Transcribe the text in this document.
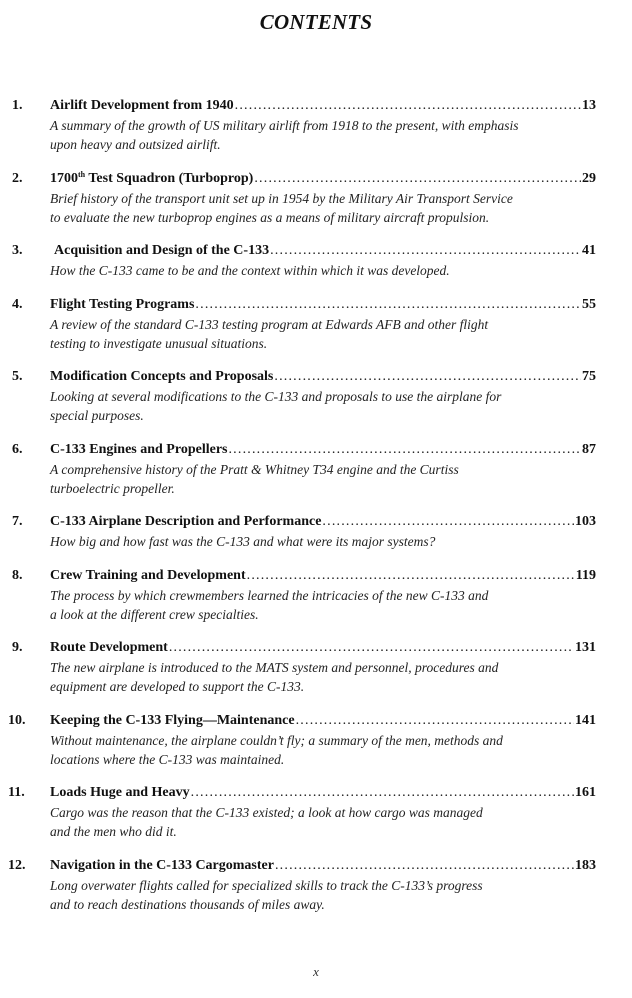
CONTENTS
1. Airlift Development from 1940 .....	13
A summary of the growth of US military airlift from 1918 to the present, with emphasis
upon heavy and outsized airlift.
2. 1700th Test Squadron (Turboprop) .....	29
Brief history of the transport unit set up in 1954 by the Military Air Transport Service
to evaluate the new turboprop engines as a means of military aircraft propulsion.
3. Acquisition and Design of the C-133 .....	41
How the C-133 came to be and the context within which it was developed.
4. Flight Testing Programs .....	55
A review of the standard C-133 testing program at Edwards AFB and other flight
testing to investigate unusual situations.
5. Modification Concepts and Proposals .....	75
Looking at several modifications to the C-133 and proposals to use the airplane for
special purposes.
6. C-133 Engines and Propellers .....	87
A comprehensive history of the Pratt & Whitney T34 engine and the Curtiss
turboelectric propeller.
7. C-133 Airplane Description and Performance .....	103
How big and how fast was the C-133 and what were its major systems?
8. Crew Training and Development .....	119
The process by which crewmembers learned the intricacies of the new C-133 and
a look at the different crew specialties.
9. Route Development .....	131
The new airplane is introduced to the MATS system and personnel, procedures and
equipment are developed to support the C-133.
10. Keeping the C-133 Flying—Maintenance .....	141
Without maintenance, the airplane couldn’t fly; a summary of the men, methods and
locations where the C-133 was maintained.
11. Loads Huge and Heavy .....	161
Cargo was the reason that the C-133 existed; a look at how cargo was managed
and the men who did it.
12. Navigation in the C-133 Cargomaster .....	183
Long overwater flights called for specialized skills to track the C-133’s progress
and to reach destinations thousands of miles away.
x
